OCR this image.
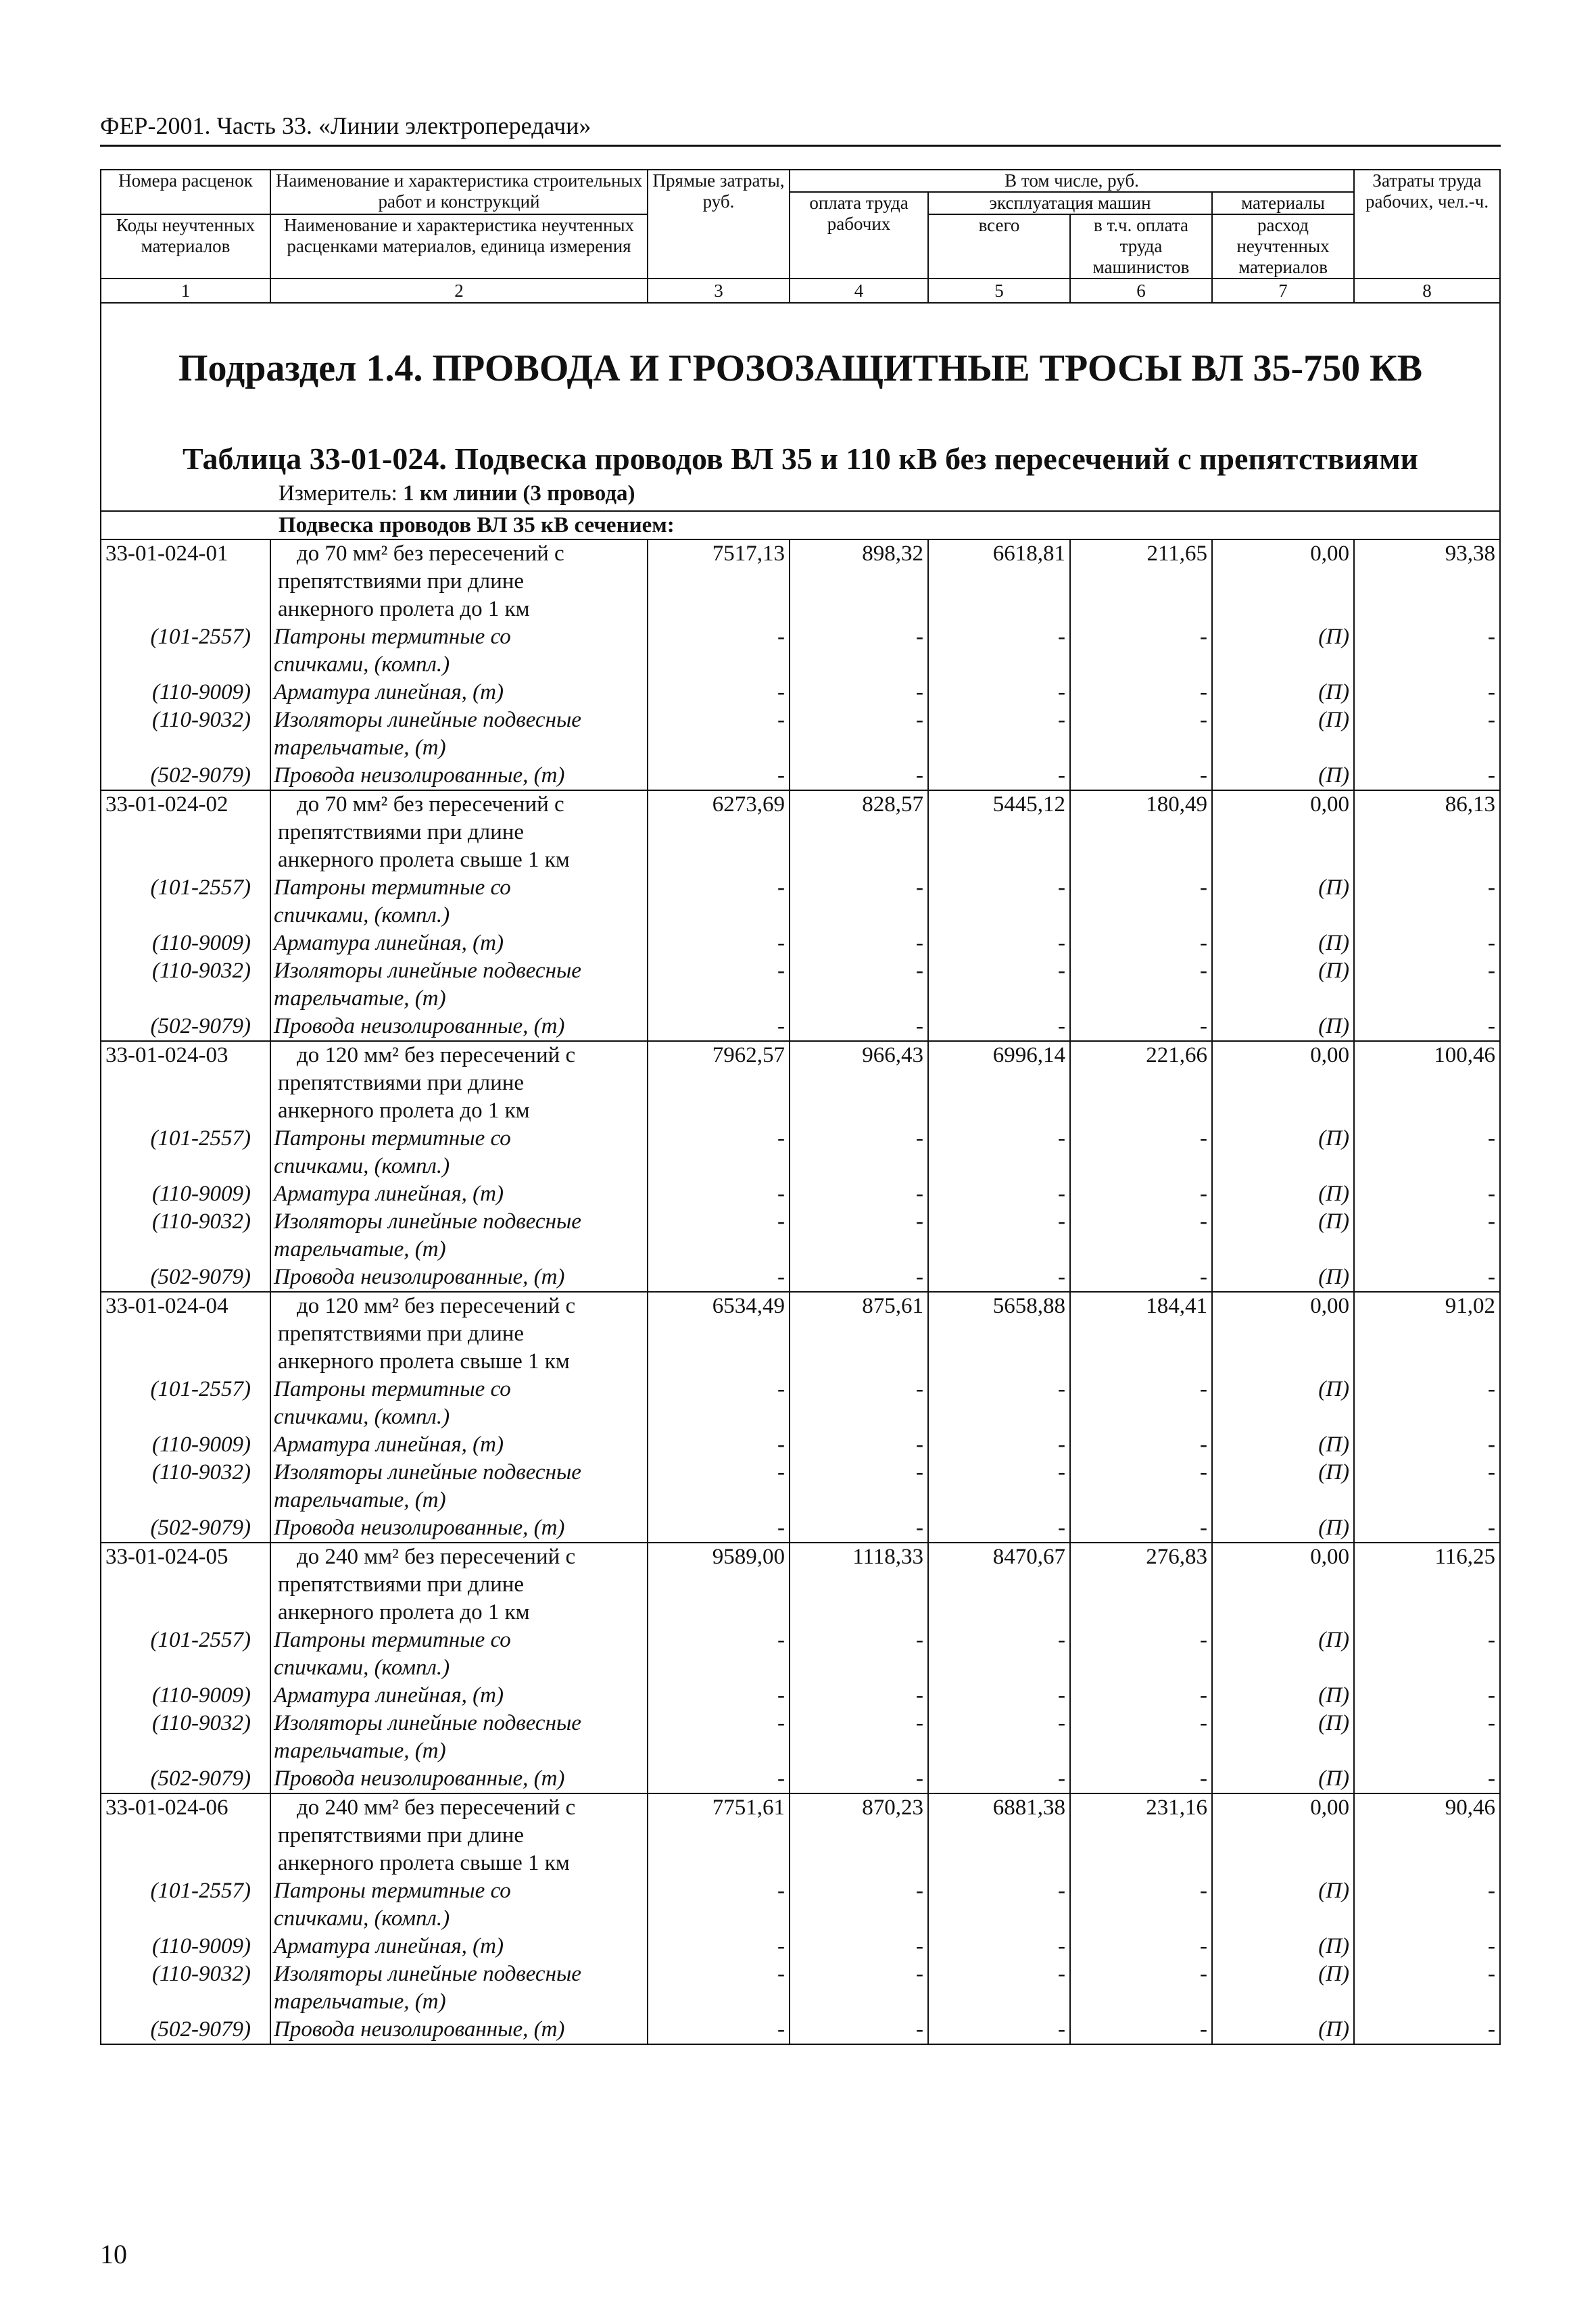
ФЕР-2001. Часть 33. «Линии электропередачи»
Номера расценок	Наименование и характеристика строительных работ и конструкций	Прямые затраты, руб.	В том числе, руб.				Затраты труда рабочих, чел.-ч.
			оплата труда рабочих	эксплуатация машин		материалы	
Коды неучтенных материалов	Наименование и характеристика неучтенных расценками материалов, единица измерения			всего	в т.ч. оплата труда машинистов	расход неучтенных материалов	

1	2	3	4	5	6	7	8
Подраздел 1.4. ПРОВОДА И ГРОЗОЗАЩИТНЫЕ ТРОСЫ ВЛ 35-750 КВ							
Таблица 33-01-024. Подвеска проводов ВЛ 35 и 110 кВ без пересечений с препятствиями							
Измеритель: 1 км линии (3 провода)							
Подвеска проводов ВЛ 35 кВ сечением:							
33-01-024-01	до 70 мм² без пересечений с
препятствиями при длине
анкерного пролета до 1 км	7517,13	898,32	6618,81	211,65	0,00	93,38
(101-2557)	Патроны термитные со
спичками, (компл.)	-	-	-	-	(П)	-
(110-9009)	Арматура линейная, (т)	-	-	-	-	(П)	-
(110-9032)	Изоляторы линейные подвесные
тарельчатые, (т)	-	-	-	-	(П)	-
(502-9079)	Провода неизолированные, (т)	-	-	-	-	(П)	-
33-01-024-02	до 70 мм² без пересечений с
препятствиями при длине
анкерного пролета свыше 1 км	6273,69	828,57	5445,12	180,49	0,00	86,13
(101-2557)	Патроны термитные со
спичками, (компл.)	-	-	-	-	(П)	-
(110-9009)	Арматура линейная, (т)	-	-	-	-	(П)	-
(110-9032)	Изоляторы линейные подвесные
тарельчатые, (т)	-	-	-	-	(П)	-
(502-9079)	Провода неизолированные, (т)	-	-	-	-	(П)	-
33-01-024-03	до 120 мм² без пересечений с
препятствиями при длине
анкерного пролета до 1 км	7962,57	966,43	6996,14	221,66	0,00	100,46
(101-2557)	Патроны термитные со
спичками, (компл.)	-	-	-	-	(П)	-
(110-9009)	Арматура линейная, (т)	-	-	-	-	(П)	-
(110-9032)	Изоляторы линейные подвесные
тарельчатые, (т)	-	-	-	-	(П)	-
(502-9079)	Провода неизолированные, (т)	-	-	-	-	(П)	-
33-01-024-04	до 120 мм² без пересечений с
препятствиями при длине
анкерного пролета свыше 1 км	6534,49	875,61	5658,88	184,41	0,00	91,02
(101-2557)	Патроны термитные со
спичками, (компл.)	-	-	-	-	(П)	-
(110-9009)	Арматура линейная, (т)	-	-	-	-	(П)	-
(110-9032)	Изоляторы линейные подвесные
тарельчатые, (т)	-	-	-	-	(П)	-
(502-9079)	Провода неизолированные, (т)	-	-	-	-	(П)	-
33-01-024-05	до 240 мм² без пересечений с
препятствиями при длине
анкерного пролета до 1 км	9589,00	1118,33	8470,67	276,83	0,00	116,25
(101-2557)	Патроны термитные со
спичками, (компл.)	-	-	-	-	(П)	-
(110-9009)	Арматура линейная, (т)	-	-	-	-	(П)	-
(110-9032)	Изоляторы линейные подвесные
тарельчатые, (т)	-	-	-	-	(П)	-
(502-9079)	Провода неизолированные, (т)	-	-	-	-	(П)	-
33-01-024-06	до 240 мм² без пересечений с
препятствиями при длине
анкерного пролета свыше 1 км	7751,61	870,23	6881,38	231,16	0,00	90,46
(101-2557)	Патроны термитные со
спичками, (компл.)	-	-	-	-	(П)	-
(110-9009)	Арматура линейная, (т)	-	-	-	-	(П)	-
(110-9032)	Изоляторы линейные подвесные
тарельчатые, (т)	-	-	-	-	(П)	-
(502-9079)	Провода неизолированные, (т)	-	-	-	-	(П)	-
10
